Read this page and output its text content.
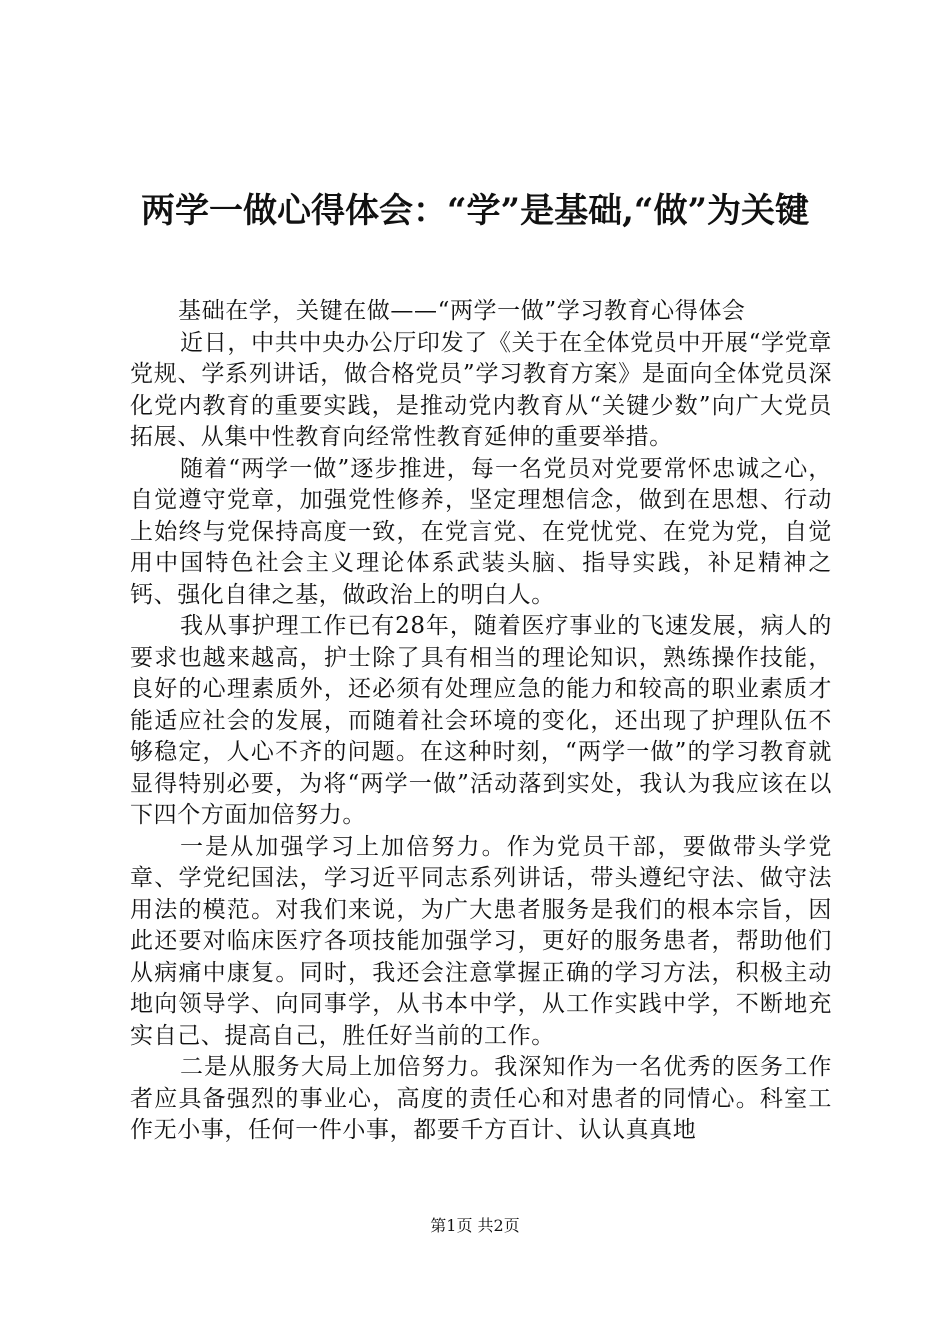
两学一做心得体会：“学”是基础,“做”为关键

基础在学，关键在做——“两学一做”学习教育心得体会

近日，中共中央办公厅印发了《关于在全体党员中开展“学党章党规、学系列讲话，做合格党员”学习教育方案》是面向全体党员深化党内教育的重要实践，是推动党内教育从“关键少数”向广大党员拓展、从集中性教育向经常性教育延伸的重要举措。

随着“两学一做”逐步推进，每一名党员对党要常怀忠诚之心，自觉遵守党章，加强党性修养，坚定理想信念，做到在思想、行动上始终与党保持高度一致，在党言党、在党忧党、在党为党，自觉用中国特色社会主义理论体系武装头脑、指导实践，补足精神之钙、强化自律之基，做政治上的明白人。

我从事护理工作已有28年，随着医疗事业的飞速发展，病人的要求也越来越高，护士除了具有相当的理论知识，熟练操作技能，良好的心理素质外，还必须有处理应急的能力和较高的职业素质才能适应社会的发展，而随着社会环境的变化，还出现了护理队伍不够稳定，人心不齐的问题。在这种时刻，“两学一做”的学习教育就显得特别必要，为将“两学一做”活动落到实处，我认为我应该在以下四个方面加倍努力。

一是从加强学习上加倍努力。作为党员干部，要做带头学党章、学党纪国法，学习近平同志系列讲话，带头遵纪守法、做守法用法的模范。对我们来说，为广大患者服务是我们的根本宗旨，因此还要对临床医疗各项技能加强学习，更好的服务患者，帮助他们从病痛中康复。同时，我还会注意掌握正确的学习方法，积极主动地向领导学、向同事学，从书本中学，从工作实践中学，不断地充实自己、提高自己，胜任好当前的工作。

二是从服务大局上加倍努力。我深知作为一名优秀的医务工作者应具备强烈的事业心，高度的责任心和对患者的同情心。科室工作无小事，任何一件小事，都要千方百计、认认真真地

第1页 共2页
